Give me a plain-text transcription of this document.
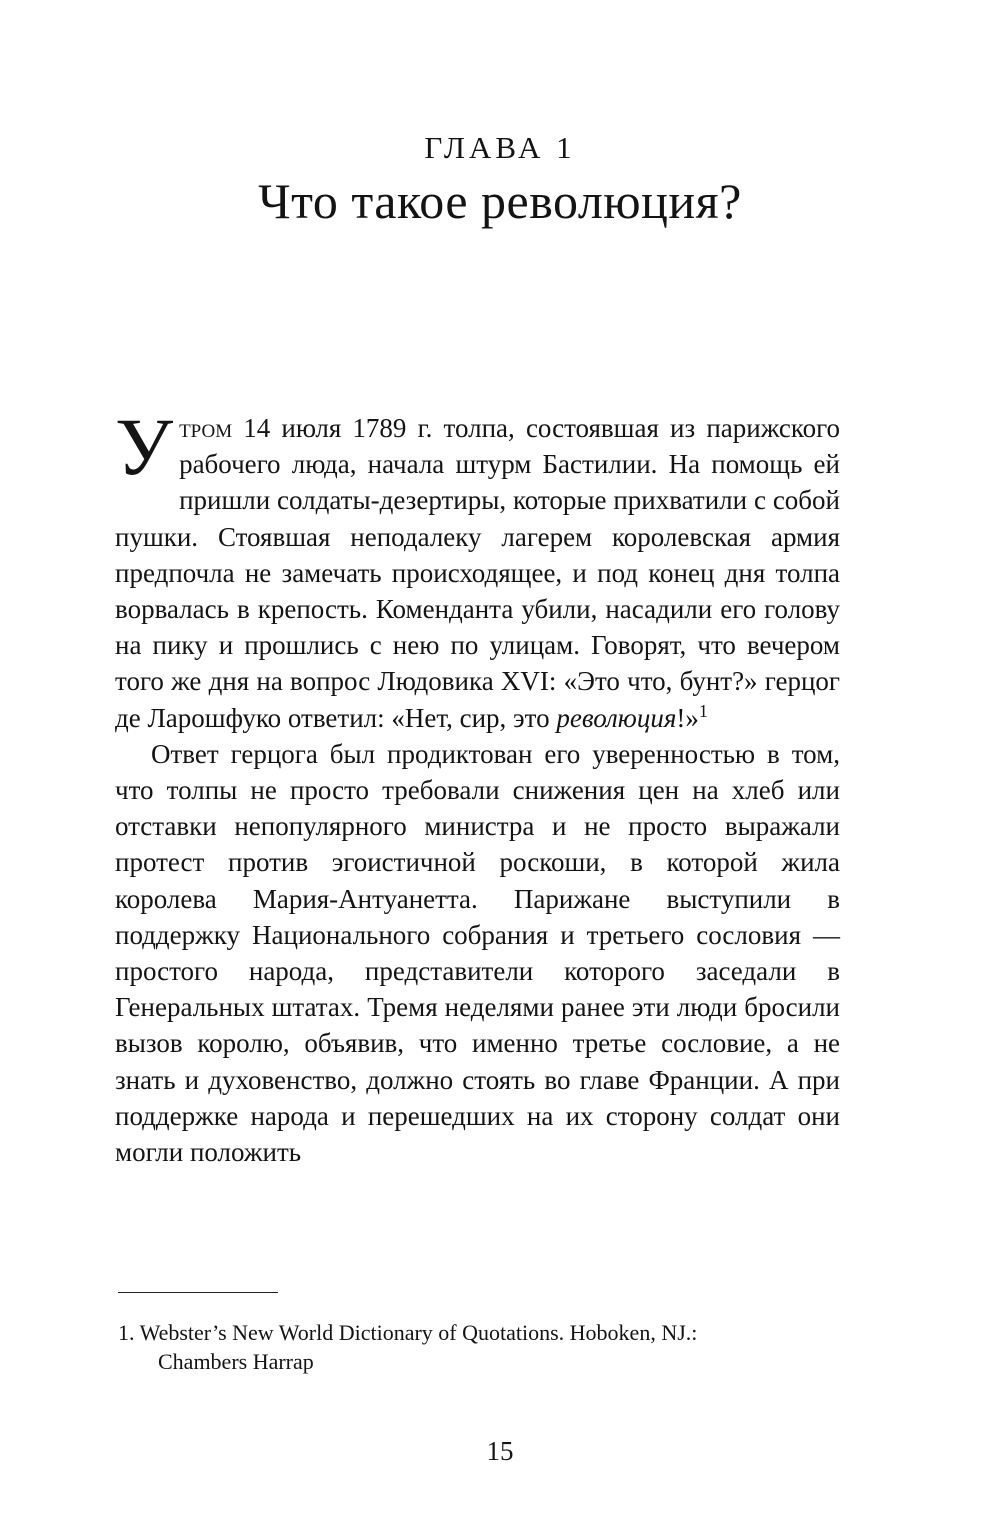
ГЛАВА 1
Что такое революция?

Утром 14 июля 1789 г. толпа, состоявшая из парижского рабочего люда, начала штурм Бастилии. На помощь ей пришли солдаты-дезертиры, которые прихватили с собой пушки. Стоявшая неподалеку лагерем королевская армия предпочла не замечать происходящее, и под конец дня толпа ворвалась в крепость. Коменданта убили, насадили его голову на пику и прошлись с нею по улицам. Говорят, что вечером того же дня на вопрос Людовика XVI: «Это что, бунт?» герцог де Ларошфуко ответил: «Нет, сир, это революция!»$^1$

Ответ герцога был продиктован его уверенностью в том, что толпы не просто требовали снижения цен на хлеб или отставки непопулярного министра и не просто выражали протест против эгоистичной роскоши, в которой жила королева Мария-Антуанетта. Парижане выступили в поддержку Национального собрания и третьего сословия — простого народа, представители которого заседали в Генеральных штатах. Тремя неделями ранее эти люди бросили вызов королю, объявив, что именно третье сословие, а не знать и духовенство, должно стоять во главе Франции. А при поддержке народа и перешедших на их сторону солдат они могли положить

1. Webster’s New World Dictionary of Quotations. Hoboken, NJ.:
Chambers Harrap
15
